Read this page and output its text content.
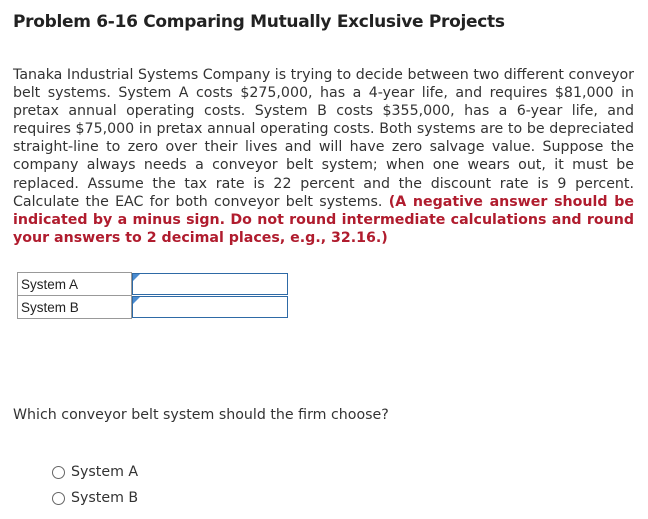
Problem 6-16 Comparing Mutually Exclusive Projects

Tanaka Industrial Systems Company is trying to decide between two different conveyor belt systems. System A costs $275,000, has a 4-year life, and requires $81,000 in pretax annual operating costs. System B costs $355,000, has a 6-year life, and requires $75,000 in pretax annual operating costs. Both systems are to be depreciated straight-line to zero over their lives and will have zero salvage value. Suppose the company always needs a conveyor belt system; when one wears out, it must be replaced. Assume the tax rate is 22 percent and the discount rate is 9 percent. Calculate the EAC for both conveyor belt systems. (A negative answer should be indicated by a minus sign. Do not round intermediate calculations and round your answers to 2 decimal places, e.g., 32.16.)

System A	

System B	

Which conveyor belt system should the firm choose?

System A
System B
